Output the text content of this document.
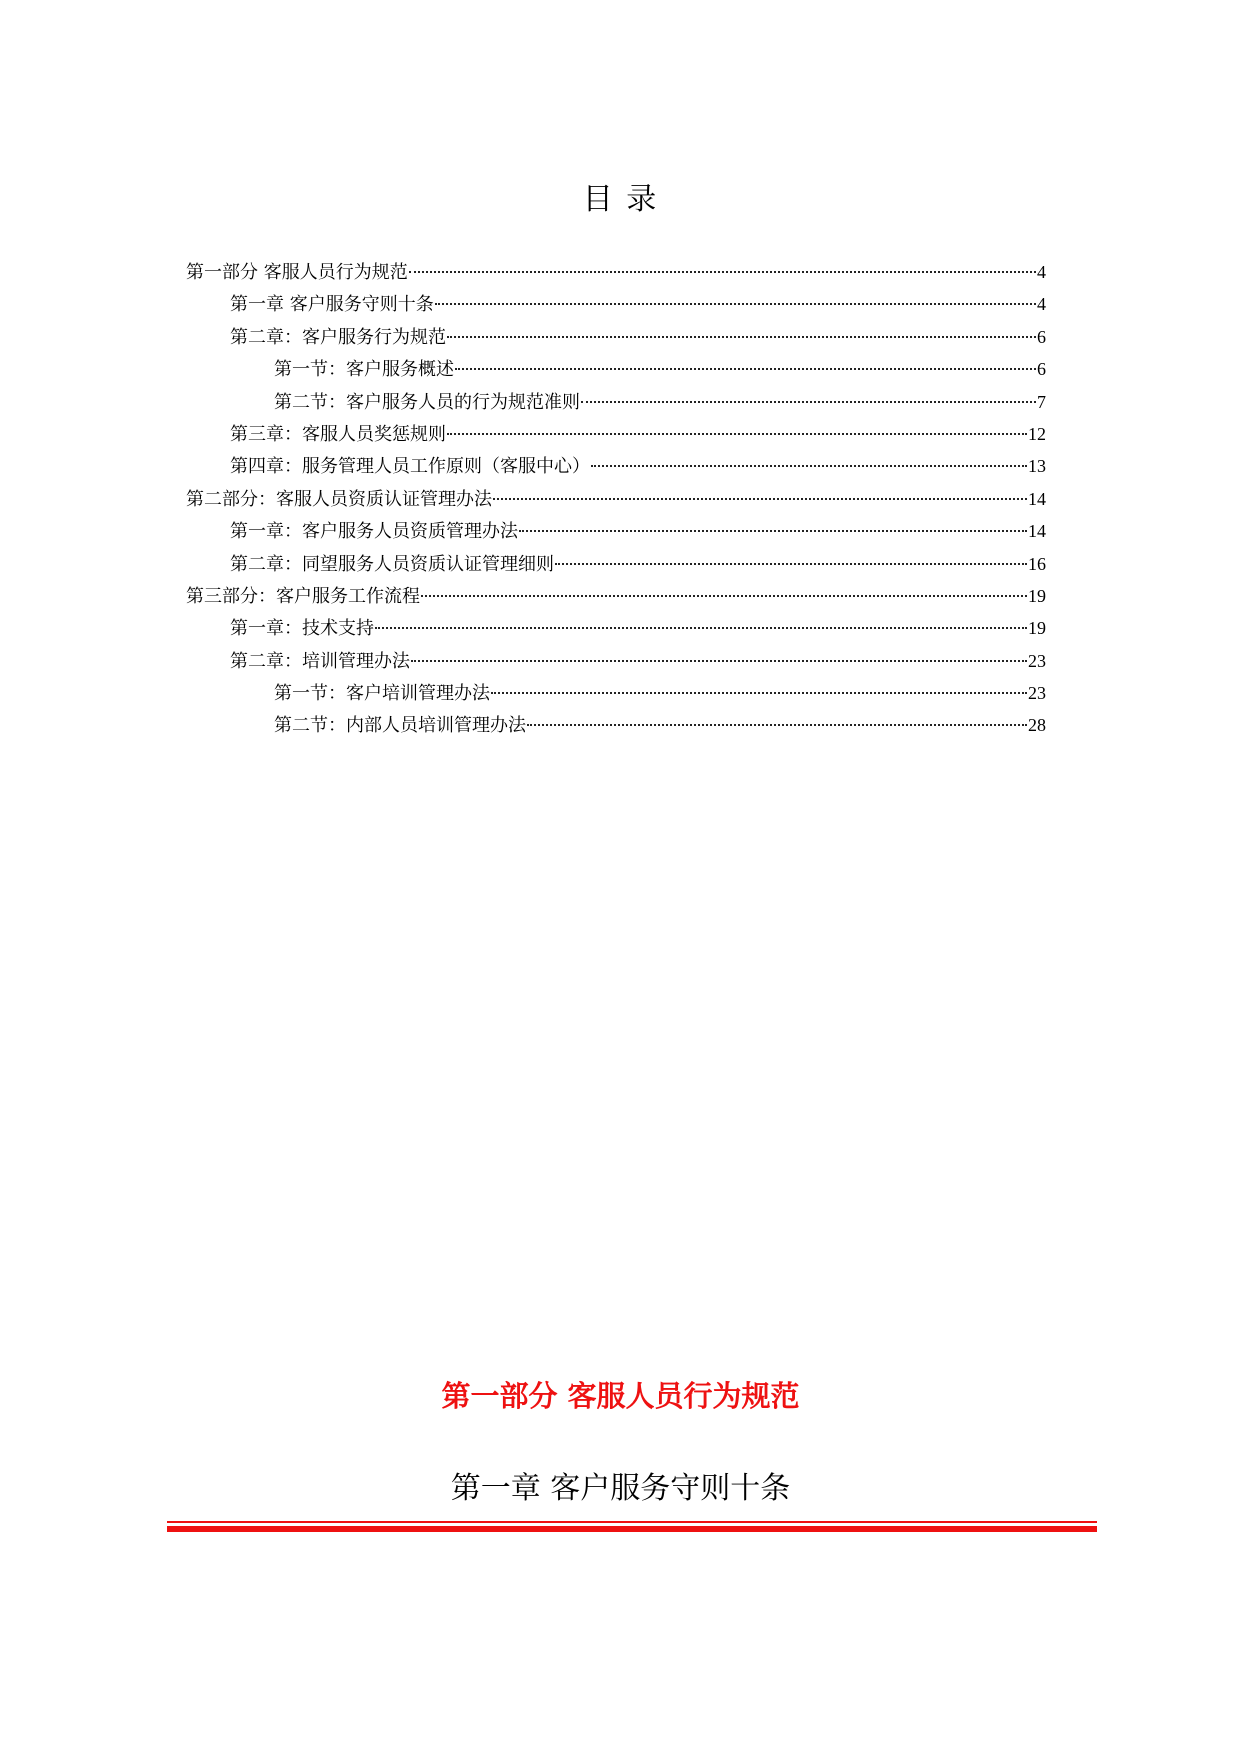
目 录
第一部分 客服人员行为规范	4
第一章 客户服务守则十条	4
第二章：客户服务行为规范	6
第一节：客户服务概述	6
第二节：客户服务人员的行为规范准则	7
第三章：客服人员奖惩规则	12
第四章：服务管理人员工作原则（客服中心）	13
第二部分：客服人员资质认证管理办法	14
第一章：客户服务人员资质管理办法	14
第二章：同望服务人员资质认证管理细则	16
第三部分：客户服务工作流程	19
第一章：技术支持	19
第二章：培训管理办法	23
第一节：客户培训管理办法	23
第二节：内部人员培训管理办法	28
第一部分 客服人员行为规范
第一章 客户服务守则十条
